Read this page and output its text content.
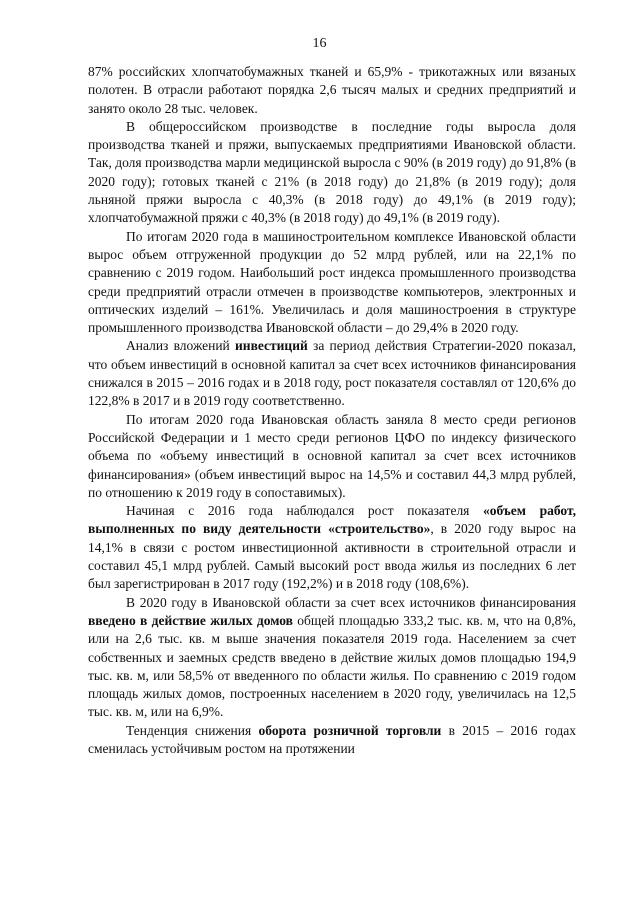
16

87% российских хлопчатобумажных тканей и 65,9% - трикотажных или вязаных полотен. В отрасли работают порядка 2,6 тысяч малых и средних предприятий и занято около 28 тыс. человек.

В общероссийском производстве в последние годы выросла доля производства тканей и пряжи, выпускаемых предприятиями Ивановской области. Так, доля производства марли медицинской выросла с 90% (в 2019 году) до 91,8% (в 2020 году); готовых тканей с 21% (в 2018 году) до 21,8% (в 2019 году); доля льняной пряжи выросла с 40,3% (в 2018 году) до 49,1% (в 2019 году); хлопчатобумажной пряжи с 40,3% (в 2018 году) до 49,1% (в 2019 году).

По итогам 2020 года в машиностроительном комплексе Ивановской области вырос объем отгруженной продукции до 52 млрд рублей, или на 22,1% по сравнению с 2019 годом. Наибольший рост индекса промышленного производства среди предприятий отрасли отмечен в производстве компьютеров, электронных и оптических изделий – 161%. Увеличилась и доля машиностроения в структуре промышленного производства Ивановской области – до 29,4% в 2020 году.

Анализ вложений инвестиций за период действия Стратегии-2020 показал, что объем инвестиций в основной капитал за счет всех источников финансирования снижался в 2015 – 2016 годах и в 2018 году, рост показателя составлял от 120,6% до 122,8% в 2017 и в 2019 году соответственно.

По итогам 2020 года Ивановская область заняла 8 место среди регионов Российской Федерации и 1 место среди регионов ЦФО по индексу физического объема по «объему инвестиций в основной капитал за счет всех источников финансирования» (объем инвестиций вырос на 14,5% и составил 44,3 млрд рублей, по отношению к 2019 году в сопоставимых).

Начиная с 2016 года наблюдался рост показателя «объем работ, выполненных по виду деятельности «строительство», в 2020 году вырос на 14,1% в связи с ростом инвестиционной активности в строительной отрасли и составил 45,1 млрд рублей. Самый высокий рост ввода жилья из последних 6 лет был зарегистрирован в 2017 году (192,2%) и в 2018 году (108,6%).

В 2020 году в Ивановской области за счет всех источников финансирования введено в действие жилых домов общей площадью 333,2 тыс. кв. м, что на 0,8%, или на 2,6 тыс. кв. м выше значения показателя 2019 года. Населением за счет собственных и заемных средств введено в действие жилых домов площадью 194,9 тыс. кв. м, или 58,5% от введенного по области жилья. По сравнению с 2019 годом площадь жилых домов, построенных населением в 2020 году, увеличилась на 12,5 тыс. кв. м, или на 6,9%.

Тенденция снижения оборота розничной торговли в 2015 – 2016 годах сменилась устойчивым ростом на протяжении
